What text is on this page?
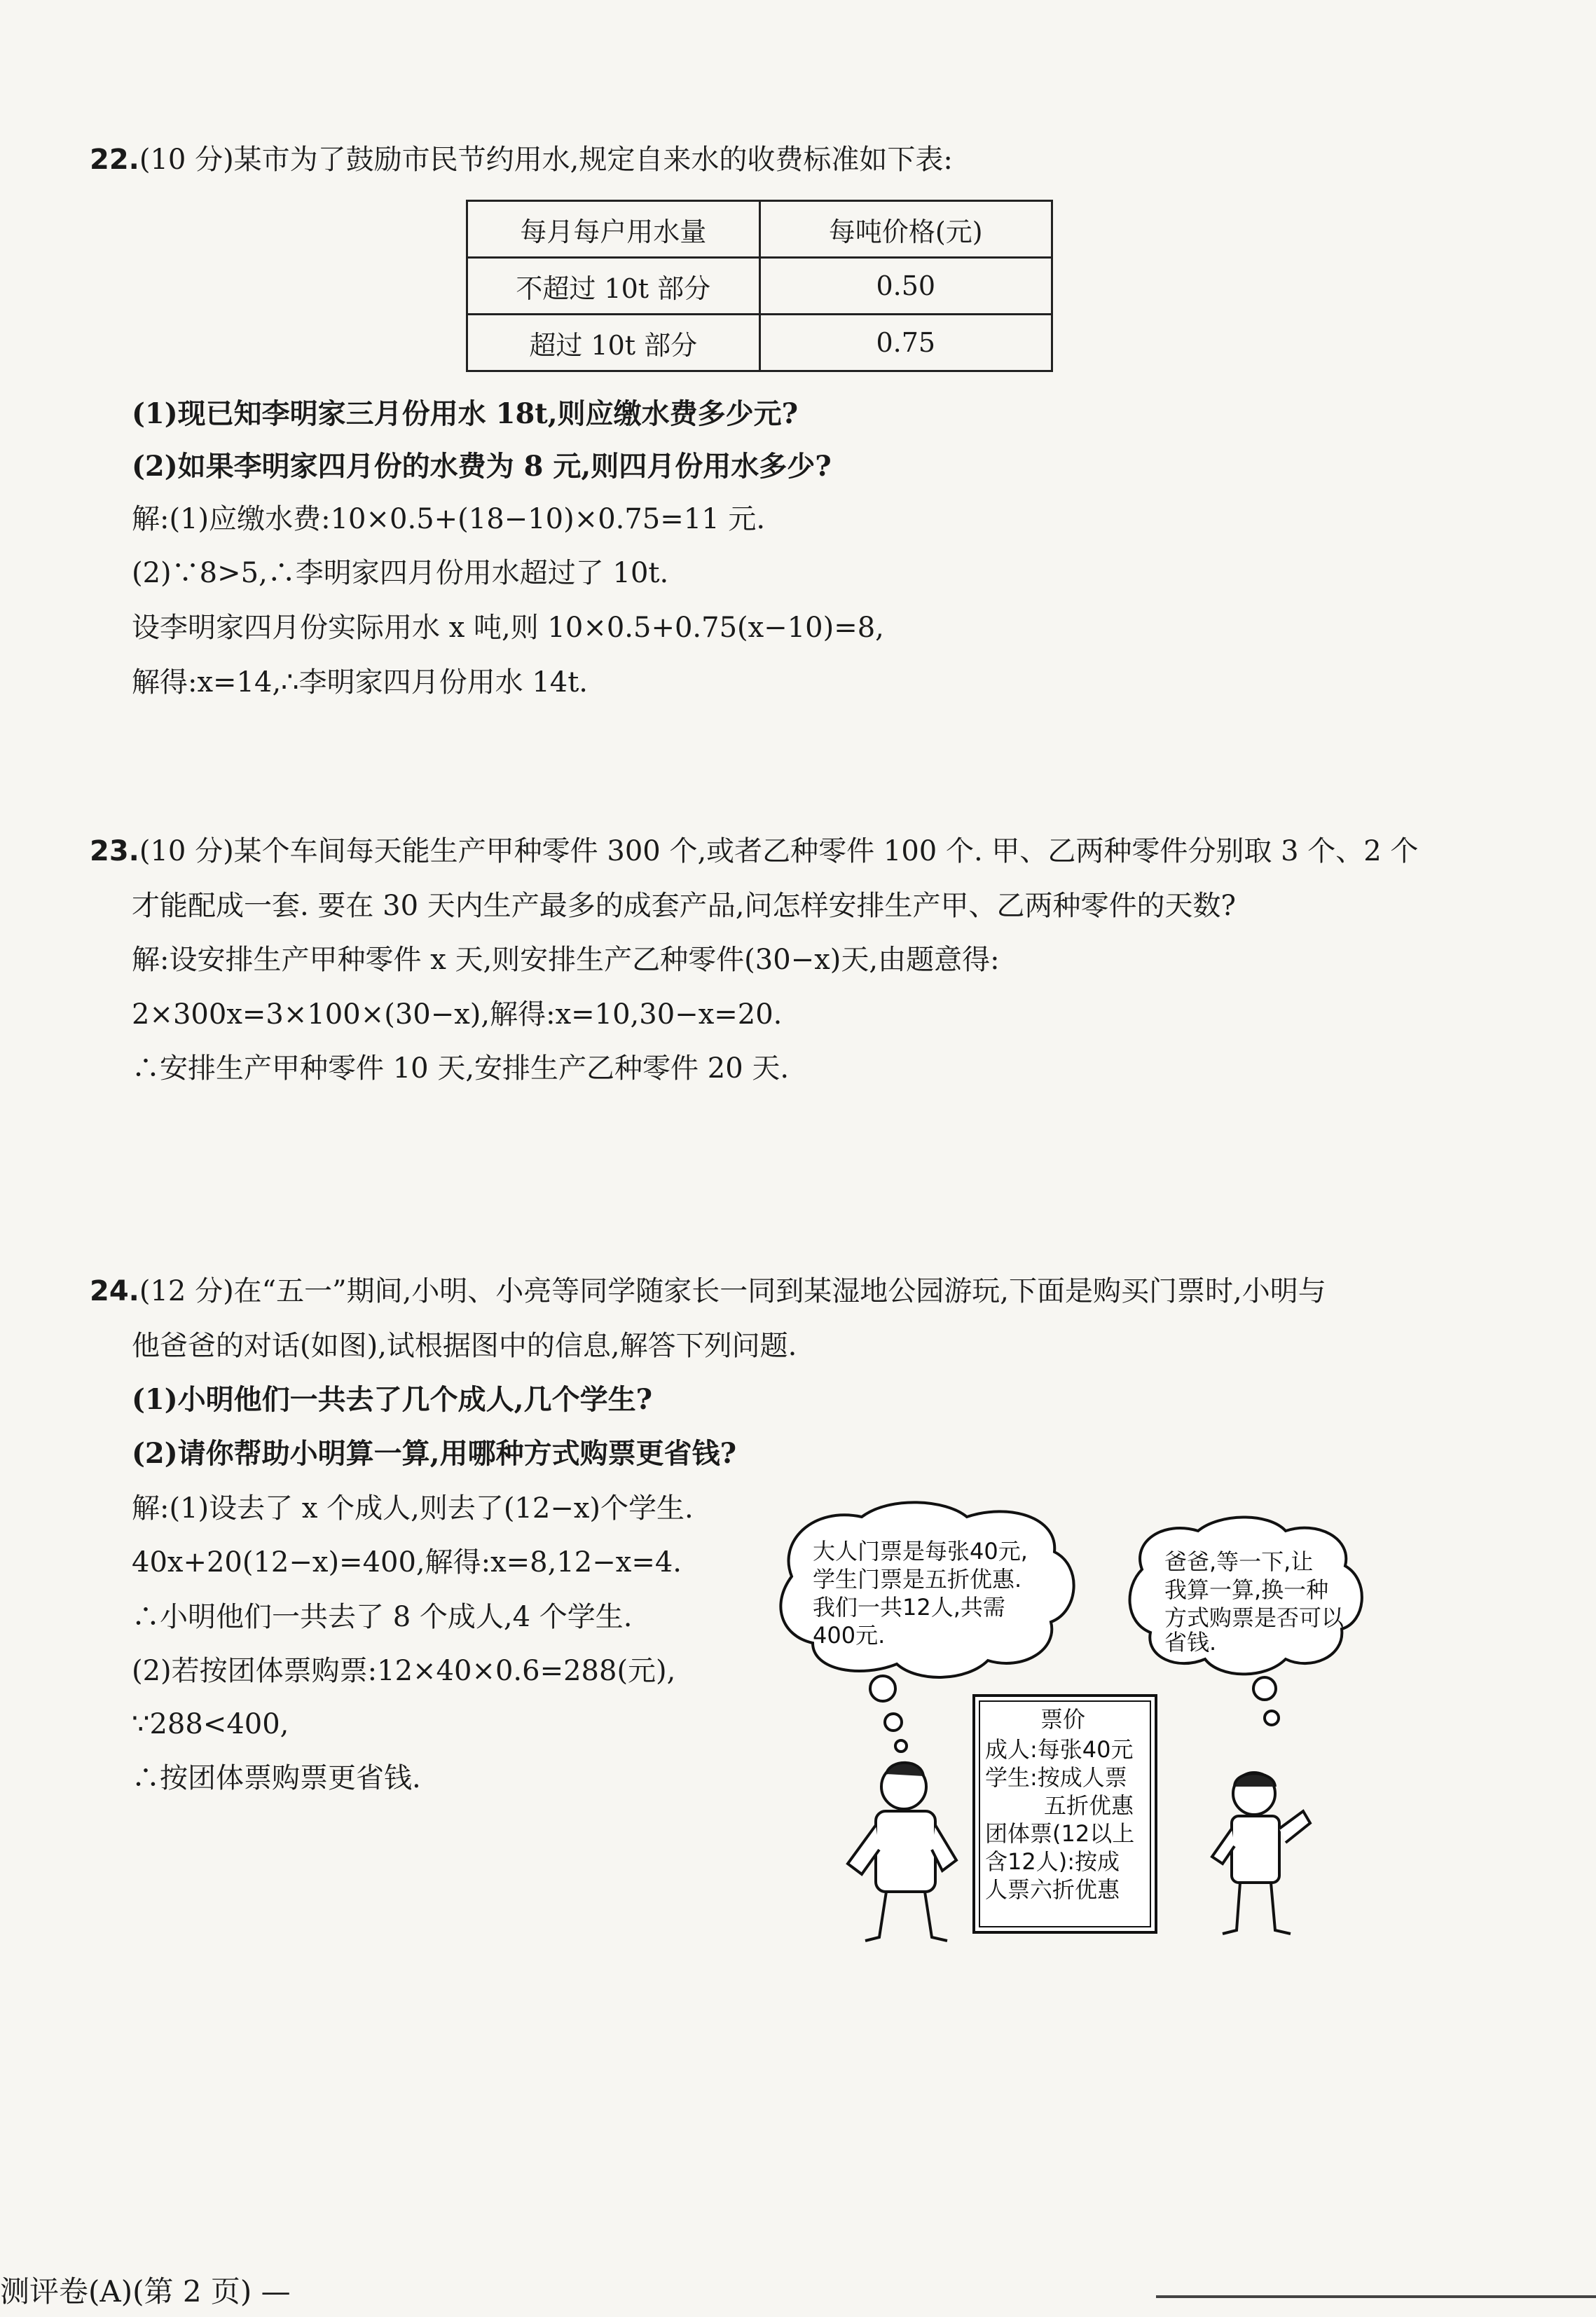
22.(10 分)某市为了鼓励市民节约用水,规定自来水的收费标准如下表:
每月每户用水量	每吨价格(元)
不超过 10t 部分	0.50
超过 10t 部分	0.75
(1)现已知李明家三月份用水 18t,则应缴水费多少元?
(2)如果李明家四月份的水费为 8 元,则四月份用水多少?
解:(1)应缴水费:10×0.5+(18−10)×0.75=11 元.
(2)∵8>5,∴李明家四月份用水超过了 10t.
设李明家四月份实际用水 x 吨,则 10×0.5+0.75(x−10)=8,
解得:x=14,∴李明家四月份用水 14t.
23.(10 分)某个车间每天能生产甲种零件 300 个,或者乙种零件 100 个. 甲、乙两种零件分别取 3 个、2 个
才能配成一套. 要在 30 天内生产最多的成套产品,问怎样安排生产甲、乙两种零件的天数?
解:设安排生产甲种零件 x 天,则安排生产乙种零件(30−x)天,由题意得:
2×300x=3×100×(30−x),解得:x=10,30−x=20.
∴安排生产甲种零件 10 天,安排生产乙种零件 20 天.
24.(12 分)在“五一”期间,小明、小亮等同学随家长一同到某湿地公园游玩,下面是购买门票时,小明与
他爸爸的对话(如图),试根据图中的信息,解答下列问题.
(1)小明他们一共去了几个成人,几个学生?
(2)请你帮助小明算一算,用哪种方式购票更省钱?
解:(1)设去了 x 个成人,则去了(12−x)个学生.
40x+20(12−x)=400,解得:x=8,12−x=4.
∴小明他们一共去了 8 个成人,4 个学生.
(2)若按团体票购票:12×40×0.6=288(元),
∵288<400,
∴按团体票购票更省钱.
大人门票是每张40元,
学生门票是五折优惠.
我们一共12人,共需
400元.
爸爸,等一下,让
我算一算,换一种
方式购票是否可以
省钱.
票价
成人:每张40元
学生:按成人票
五折优惠
团体票(12以上
含12人):按成
人票六折优惠
测评卷(A)(第 2 页) —
